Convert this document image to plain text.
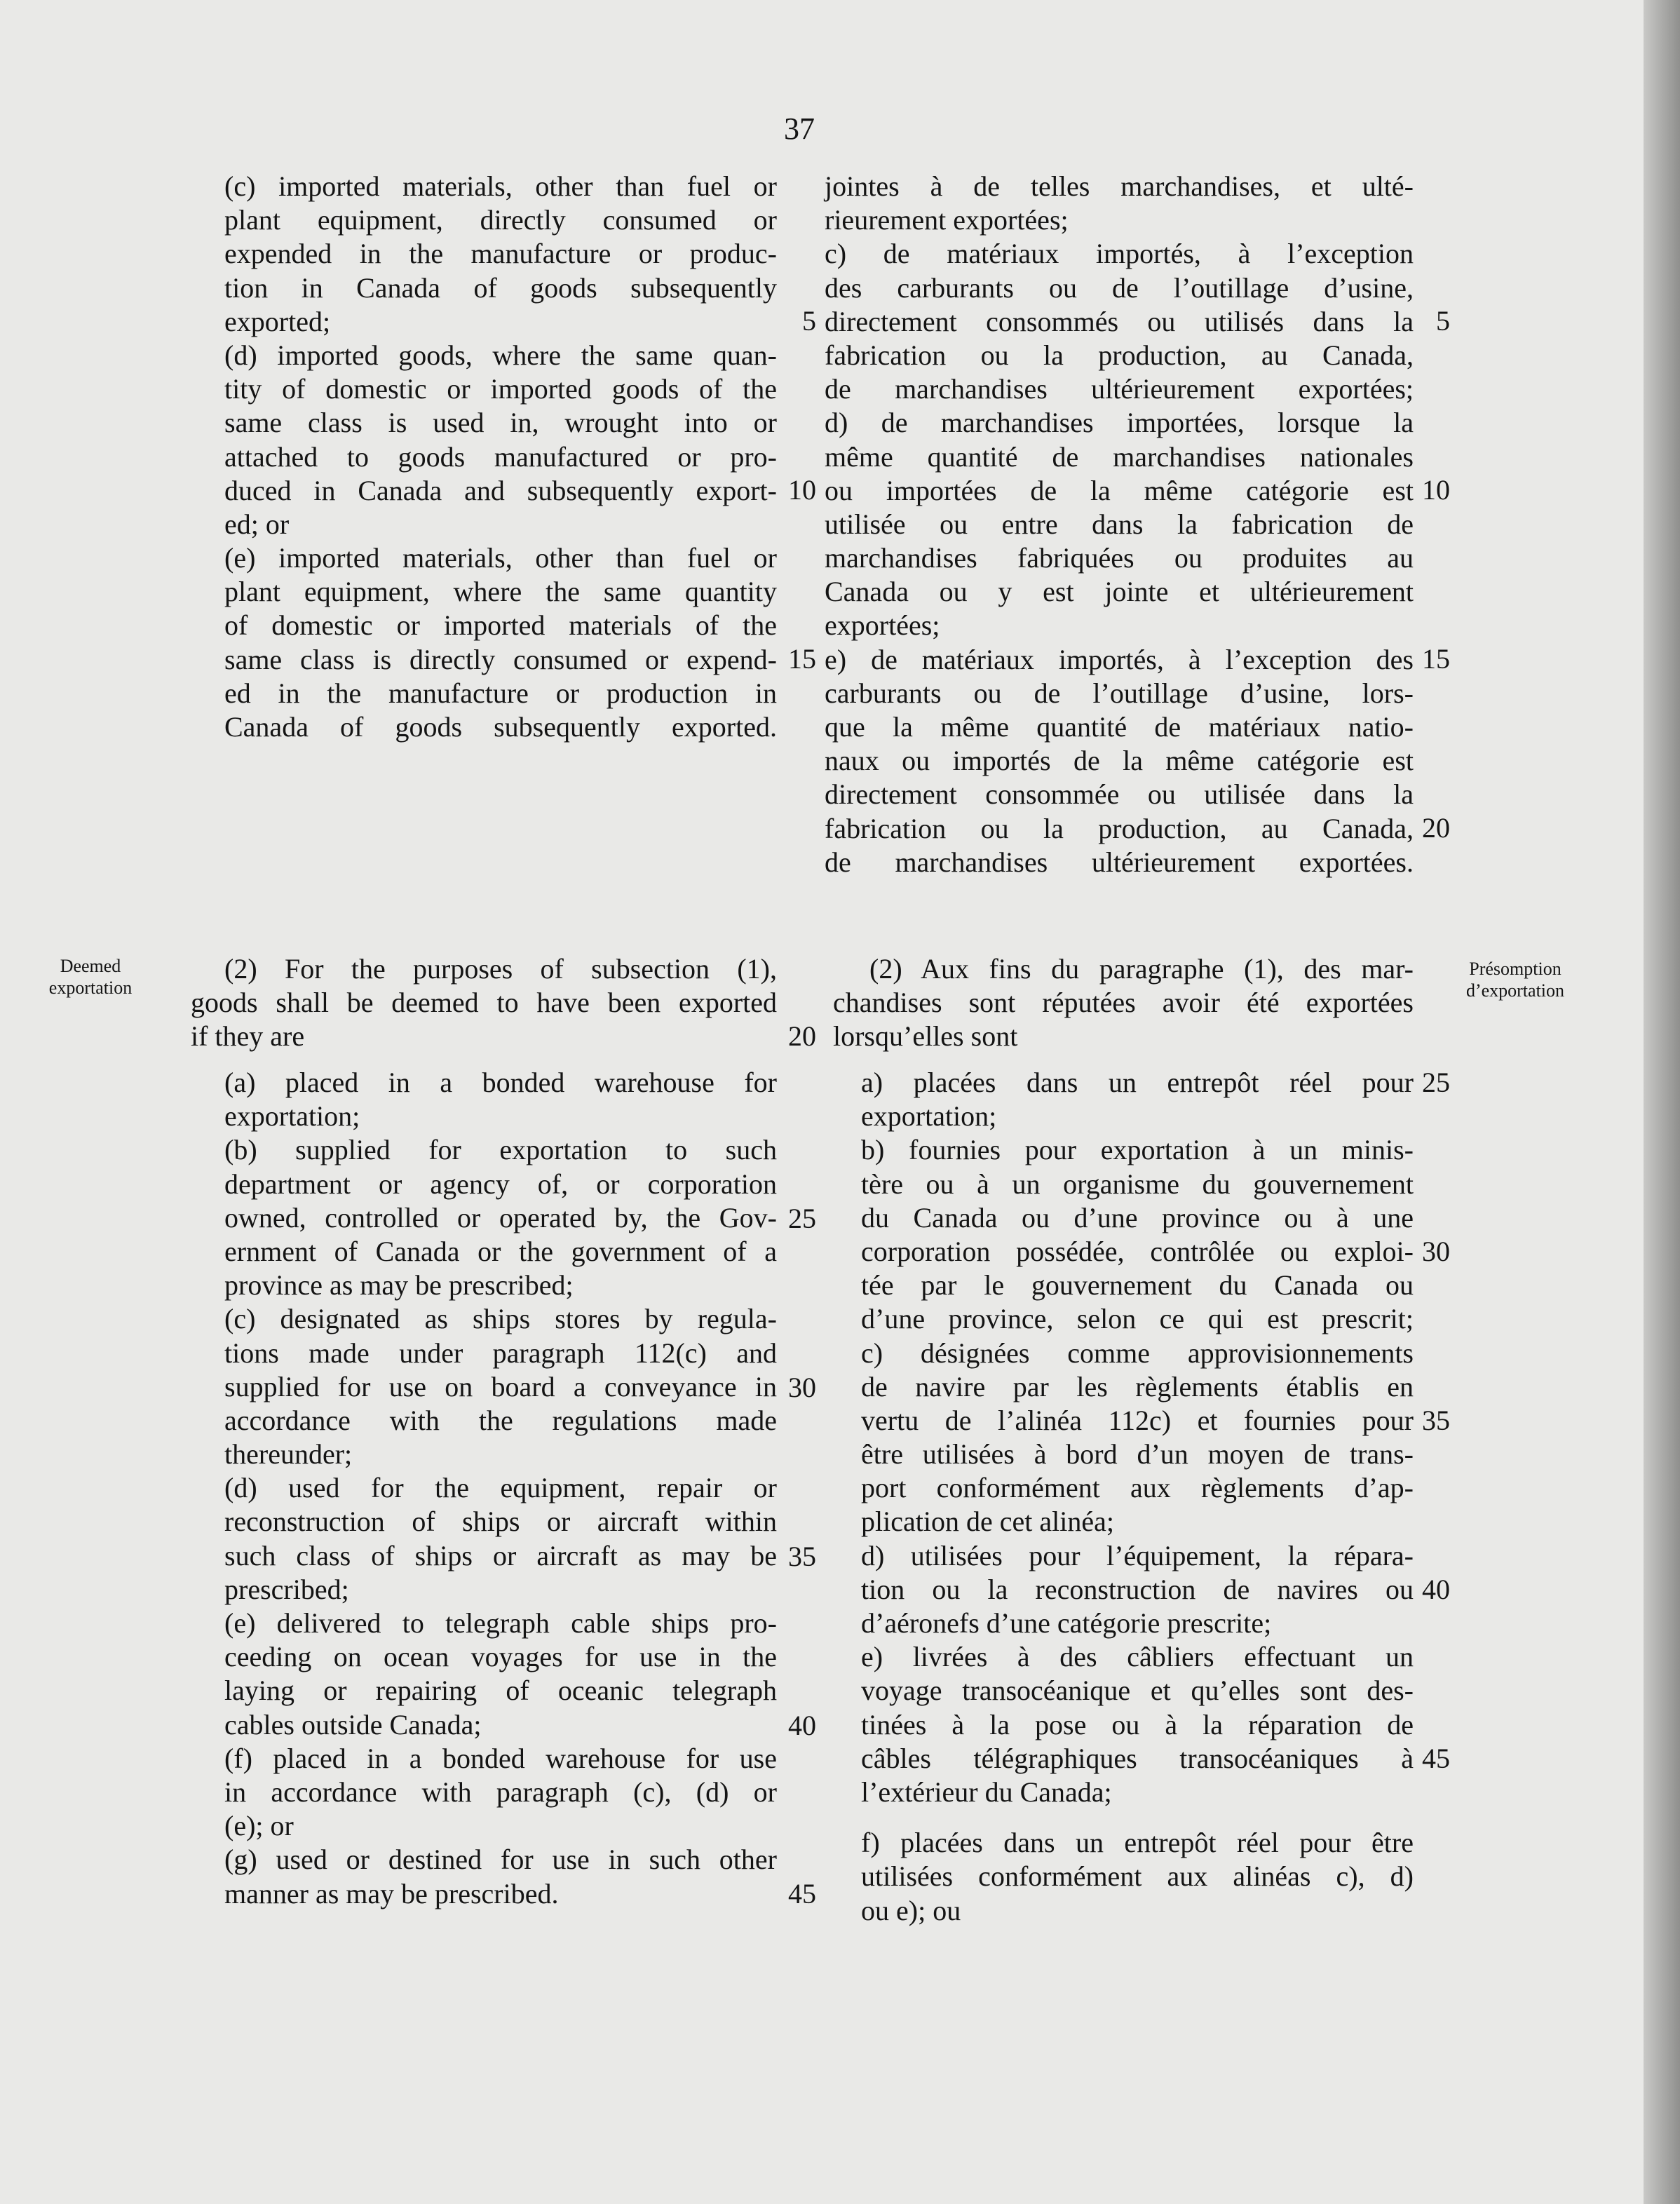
37
(c) imported materials, other than fuel or
plant equipment, directly consumed or
expended in the manufacture or produc-
tion in Canada of goods subsequently
exported;
(d) imported goods, where the same quan-
tity of domestic or imported goods of the
same class is used in, wrought into or
attached to goods manufactured or pro-
duced in Canada and subsequently export-
ed; or
(e) imported materials, other than fuel or
plant equipment, where the same quantity
of domestic or imported materials of the
same class is directly consumed or expend-
ed in the manufacture or production in
Canada of goods subsequently exported.
5
10
15
jointes à de telles marchandises, et ulté-
rieurement exportées;
c) de matériaux importés, à l’exception
des carburants ou de l’outillage d’usine,
directement consommés ou utilisés dans la
fabrication ou la production, au Canada,
de marchandises ultérieurement exportées;
d) de marchandises importées, lorsque la
même quantité de marchandises nationales
ou importées de la même catégorie est
utilisée ou entre dans la fabrication de
marchandises fabriquées ou produites au
Canada ou y est jointe et ultérieurement
exportées;
e) de matériaux importés, à l’exception des
carburants ou de l’outillage d’usine, lors-
que la même quantité de matériaux natio-
naux ou importés de la même catégorie est
directement consommée ou utilisée dans la
fabrication ou la production, au Canada,
de marchandises ultérieurement exportées.
5
10
15
20
Deemed
exportation
Présomption
d’exportation
(2) For the purposes of subsection (1),
goods shall be deemed to have been exported
if they are
(2) Aux fins du paragraphe (1), des mar-
chandises sont réputées avoir été exportées
lorsqu’elles sont
(a) placed in a bonded warehouse for
exportation;
(b) supplied for exportation to such
department or agency of, or corporation
owned, controlled or operated by, the Gov-
ernment of Canada or the government of a
province as may be prescribed;
(c) designated as ships stores by regula-
tions made under paragraph 112(c) and
supplied for use on board a conveyance in
accordance with the regulations made
thereunder;
(d) used for the equipment, repair or
reconstruction of ships or aircraft within
such class of ships or aircraft as may be
prescribed;
(e) delivered to telegraph cable ships pro-
ceeding on ocean voyages for use in the
laying or repairing of oceanic telegraph
cables outside Canada;
(f) placed in a bonded warehouse for use
in accordance with paragraph (c), (d) or
(e); or
(g) used or destined for use in such other
manner as may be prescribed.
20
25
30
35
40
45
a) placées dans un entrepôt réel pour
exportation;
b) fournies pour exportation à un minis-
tère ou à un organisme du gouvernement
du Canada ou d’une province ou à une
corporation possédée, contrôlée ou exploi-
tée par le gouvernement du Canada ou
d’une province, selon ce qui est prescrit;
c) désignées comme approvisionnements
de navire par les règlements établis en
vertu de l’alinéa 112c) et fournies pour
être utilisées à bord d’un moyen de trans-
port conformément aux règlements d’ap-
plication de cet alinéa;
d) utilisées pour l’équipement, la répara-
tion ou la reconstruction de navires ou
d’aéronefs d’une catégorie prescrite;
e) livrées à des câbliers effectuant un
voyage transocéanique et qu’elles sont des-
tinées à la pose ou à la réparation de
câbles télégraphiques transocéaniques à
l’extérieur du Canada;
f) placées dans un entrepôt réel pour être
utilisées conformément aux alinéas c), d)
ou e); ou
25
30
35
40
45
